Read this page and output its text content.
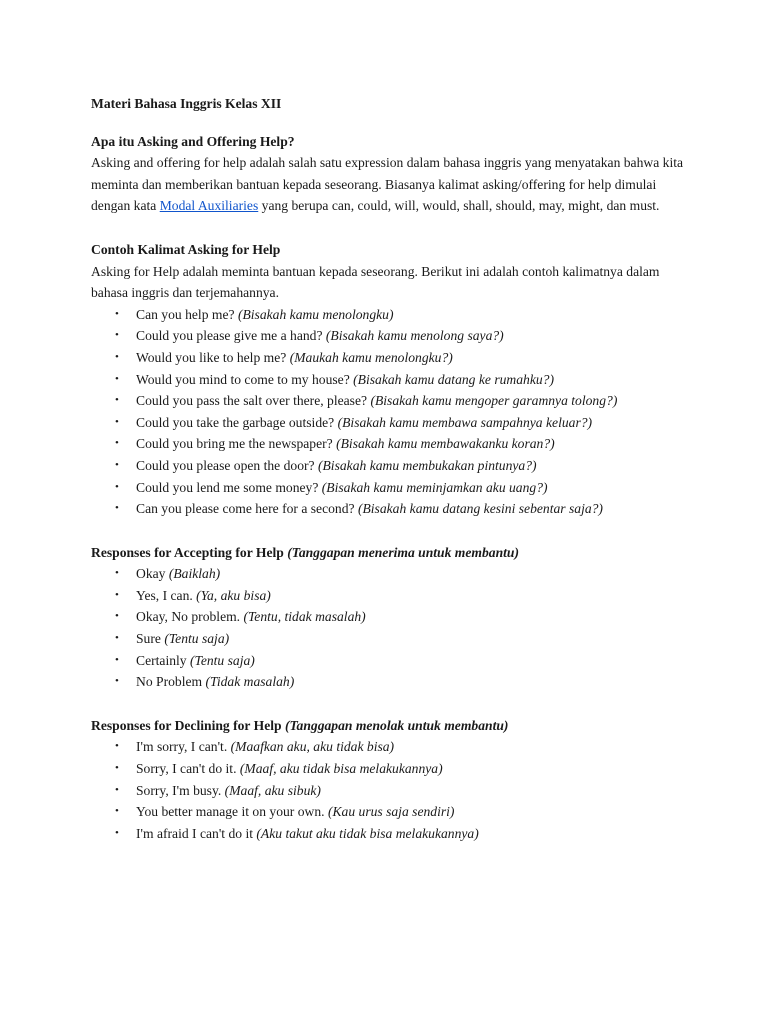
Materi Bahasa Inggris Kelas XII

Apa itu Asking and Offering Help?

Asking and offering for help adalah salah satu expression dalam bahasa inggris yang menyatakan bahwa kita meminta dan memberikan bantuan kepada seseorang. Biasanya kalimat asking/offering for help dimulai dengan kata Modal Auxiliaries yang berupa can, could, will, would, shall, should, may, might, dan must.

Contoh Kalimat Asking for Help

Asking for Help adalah meminta bantuan kepada seseorang. Berikut ini adalah contoh kalimatnya dalam bahasa inggris dan terjemahannya.

• Can you help me? (Bisakah kamu menolongku)
• Could you please give me a hand? (Bisakah kamu menolong saya?)
• Would you like to help me? (Maukah kamu menolongku?)
• Would you mind to come to my house? (Bisakah kamu datang ke rumahku?)
• Could you pass the salt over there, please? (Bisakah kamu mengoper garamnya tolong?)
• Could you take the garbage outside? (Bisakah kamu membawa sampahnya keluar?)
• Could you bring me the newspaper? (Bisakah kamu membawakanku koran?)
• Could you please open the door? (Bisakah kamu membukakan pintunya?)
• Could you lend me some money? (Bisakah kamu meminjamkan aku uang?)
• Can you please come here for a second? (Bisakah kamu datang kesini sebentar saja?)

Responses for Accepting for Help (Tanggapan menerima untuk membantu)

• Okay (Baiklah)
• Yes, I can. (Ya, aku bisa)
• Okay, No problem. (Tentu, tidak masalah)
• Sure (Tentu saja)
• Certainly (Tentu saja)
• No Problem (Tidak masalah)

Responses for Declining for Help (Tanggapan menolak untuk membantu)

• I'm sorry, I can't. (Maafkan aku, aku tidak bisa)
• Sorry, I can't do it. (Maaf, aku tidak bisa melakukannya)
• Sorry, I'm busy. (Maaf, aku sibuk)
• You better manage it on your own. (Kau urus saja sendiri)
• I'm afraid I can't do it (Aku takut aku tidak bisa melakukannya)
